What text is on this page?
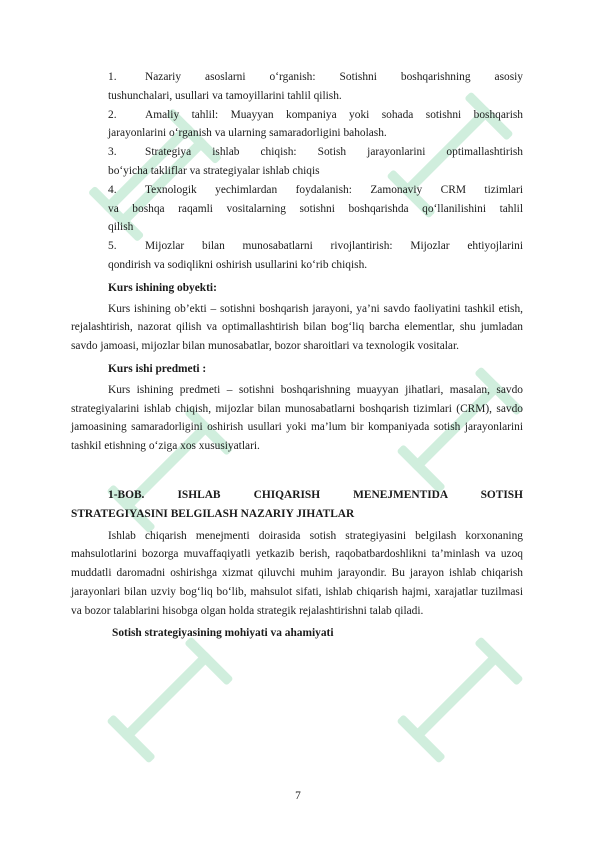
1.	Nazariy asoslarni o‘rganish: Sotishni boshqarishning asosiy
tushunchalari, usullari va tamoyillarini tahlil qilish.
2.	Amaliy tahlil: Muayyan kompaniya yoki sohada sotishni boshqarish
jarayonlarini o‘rganish va ularning samaradorligini baholash.
3.	Strategiya ishlab chiqish: Sotish jarayonlarini optimallashtirish
bo‘yicha takliflar va strategiyalar ishlab chiqis
4.	Texnologik yechimlardan foydalanish: Zamonaviy CRM tizimlari
va boshqa raqamli vositalarning sotishni boshqarishda qo‘llanilishini tahlil
qilish
5.	Mijozlar bilan munosabatlarni rivojlantirish: Mijozlar ehtiyojlarini
qondirish va sodiqlikni oshirish usullarini ko‘rib chiqish.
Kurs ishining obyekti:
Kurs ishining ob’ekti – sotishni boshqarish jarayoni, ya’ni savdo faoliyatini tashkil etish, rejalashtirish, nazorat qilish va optimallashtirish bilan bog‘liq barcha elementlar, shu jumladan savdo jamoasi, mijozlar bilan munosabatlar, bozor sharoitlari va texnologik vositalar.
Kurs ishi predmeti :
Kurs ishining predmeti – sotishni boshqarishning muayyan jihatlari, masalan, savdo strategiyalarini ishlab chiqish, mijozlar bilan munosabatlarni boshqarish tizimlari (CRM), savdo jamoasining samaradorligini oshirish usullari yoki ma’lum bir kompaniyada sotish jarayonlarini tashkil etishning o‘ziga xos xususiyatlari.
1-BOB. ISHLAB CHIQARISH MENEJMENTIDA SOTISH
STRATEGIYASINI BELGILASH NAZARIY JIHATLAR
Ishlab chiqarish menejmenti doirasida sotish strategiyasini belgilash korxonaning mahsulotlarini bozorga muvaffaqiyatli yetkazib berish, raqobatbardoshlikni ta’minlash va uzoq muddatli daromadni oshirishga xizmat qiluvchi muhim jarayondir. Bu jarayon ishlab chiqarish jarayonlari bilan uzviy bog‘liq bo‘lib, mahsulot sifati, ishlab chiqarish hajmi, xarajatlar tuzilmasi va bozor talablarini hisobga olgan holda strategik rejalashtirishni talab qiladi.
Sotish strategiyasining mohiyati va ahamiyati
7
